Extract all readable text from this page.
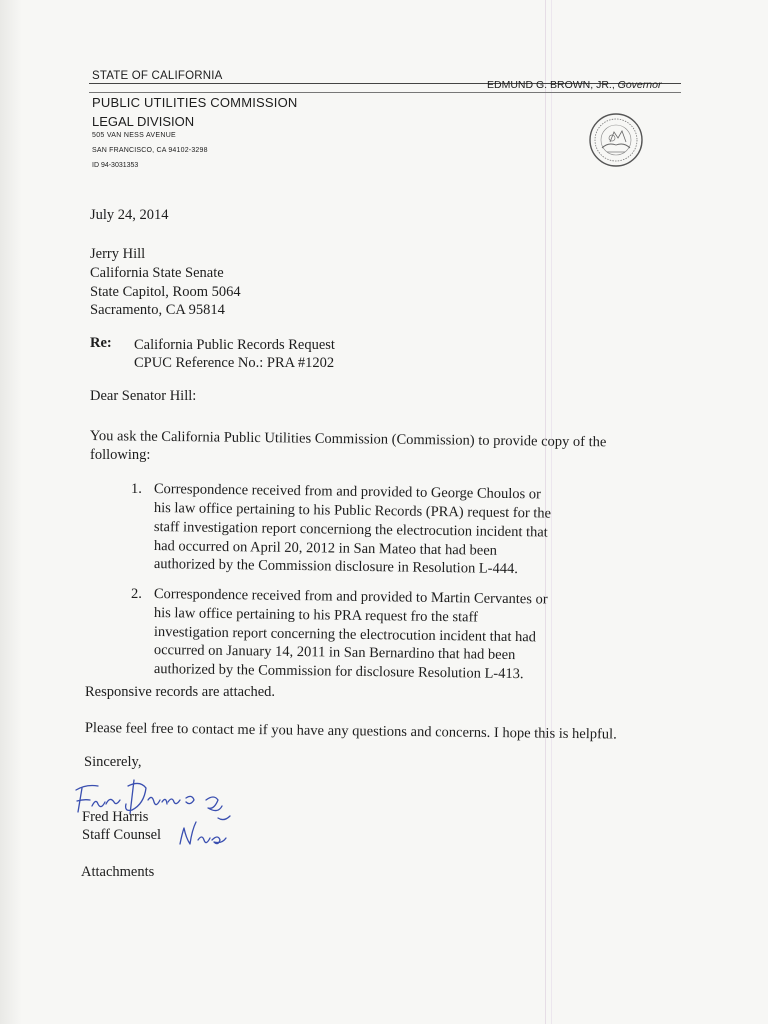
STATE OF CALIFORNIA
EDMUND G. BROWN, JR., Governor
PUBLIC UTILITIES COMMISSION
LEGAL DIVISION
505 VAN NESS AVENUE
SAN FRANCISCO, CA 94102-3298
ID 94-3031353
July 24, 2014
Jerry Hill
California State Senate
State Capitol, Room 5064
Sacramento, CA 95814
Re: California Public Records Request
CPUC Reference No.: PRA #1202
Dear Senator Hill:
You ask the California Public Utilities Commission (Commission) to provide copy of the
following:
1. Correspondence received from and provided to George Choulos or
his law office pertaining to his Public Records (PRA) request for the
staff investigation report concerniong the electrocution incident that
had occurred on April 20, 2012 in San Mateo that had been
authorized by the Commission disclosure in Resolution L-444.
2. Correspondence received from and provided to Martin Cervantes or
his law office pertaining to his PRA request fro the staff
investigation report concerning the electrocution incident that had
occurred on January 14, 2011 in San Bernardino that had been
authorized by the Commission for disclosure Resolution L-413.
Responsive records are attached.
Please feel free to contact me if you have any questions and concerns. I hope this is helpful.
Sincerely,
Fred Harris
Staff Counsel
Attachments
